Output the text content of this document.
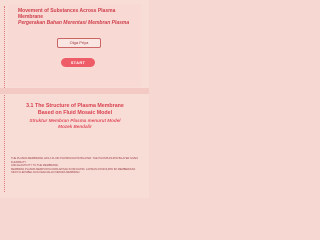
Movement of Substances Across Plasma
Membrane
Pergerakan Bahan Merentasi Membran Plasma
Olga Priya
START
3.1 The Structure of Plasma Membrane Based on Fluid Mosaic Model
Struktur Membran Plasma menurut Model Mozek Bendalir
THE PLASMA MEMBRANE HAS A FLUID PHOSPHOLIPID BILAYER. THE PHOSPHOLIPID BILAYER GIVES FLEXIBILITY
AND ELASTICITY TO THE MEMBRANE.
MEMBRAN PLASMA MEMPUNYAI DWILAPISAN FOSFOLIPID. LAPISAN FOSFOLIPID INI MEMBERIKAN
SIFAT FLEKSIBEL DAN KEANJALAN KEPADA MEMBRAN.
